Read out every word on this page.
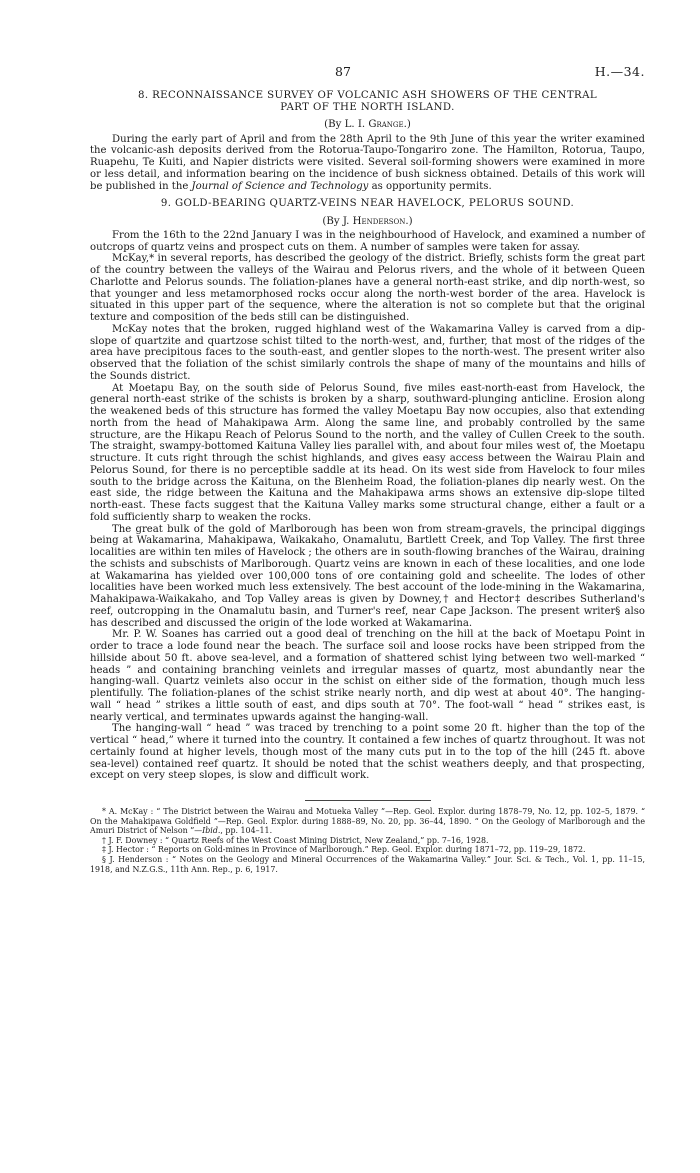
87	H.—34.
8. RECONNAISSANCE SURVEY OF VOLCANIC ASH SHOWERS OF THE CENTRAL
PART OF THE NORTH ISLAND.
(By L. I. Grange.)

During the early part of April and from the 28th April to the 9th June of this year the writer examined the volcanic-ash deposits derived from the Rotorua-Taupo-Tongariro zone. The Hamilton, Rotorua, Taupo, Ruapehu, Te Kuiti, and Napier districts were visited. Several soil-forming showers were examined in more or less detail, and information bearing on the incidence of bush sickness obtained. Details of this work will be published in the Journal of Science and Technology as opportunity permits.

9. GOLD-BEARING QUARTZ-VEINS NEAR HAVELOCK, PELORUS SOUND.
(By J. Henderson.)

From the 16th to the 22nd January I was in the neighbourhood of Havelock, and examined a number of outcrops of quartz veins and prospect cuts on them. A number of samples were taken for assay.

McKay,* in several reports, has described the geology of the district. Briefly, schists form the great part of the country between the valleys of the Wairau and Pelorus rivers, and the whole of it between Queen Charlotte and Pelorus sounds. The foliation-planes have a general north-east strike, and dip north-west, so that younger and less metamorphosed rocks occur along the north-west border of the area. Havelock is situated in this upper part of the sequence, where the alteration is not so complete but that the original texture and composition of the beds still can be distinguished.

McKay notes that the broken, rugged highland west of the Wakamarina Valley is carved from a dip-slope of quartzite and quartzose schist tilted to the north-west, and, further, that most of the ridges of the area have precipitous faces to the south-east, and gentler slopes to the north-west. The present writer also observed that the foliation of the schist similarly controls the shape of many of the mountains and hills of the Sounds district.

At Moetapu Bay, on the south side of Pelorus Sound, five miles east-north-east from Havelock, the general north-east strike of the schists is broken by a sharp, southward-plunging anticline. Erosion along the weakened beds of this structure has formed the valley Moetapu Bay now occupies, also that extending north from the head of Mahakipawa Arm. Along the same line, and probably controlled by the same structure, are the Hikapu Reach of Pelorus Sound to the north, and the valley of Cullen Creek to the south. The straight, swampy-bottomed Kaituna Valley lies parallel with, and about four miles west of, the Moetapu structure. It cuts right through the schist highlands, and gives easy access between the Wairau Plain and Pelorus Sound, for there is no perceptible saddle at its head. On its west side from Havelock to four miles south to the bridge across the Kaituna, on the Blenheim Road, the foliation-planes dip nearly west. On the east side, the ridge between the Kaituna and the Mahakipawa arms shows an extensive dip-slope tilted north-east. These facts suggest that the Kaituna Valley marks some structural change, either a fault or a fold sufficiently sharp to weaken the rocks.

The great bulk of the gold of Marlborough has been won from stream-gravels, the principal diggings being at Wakamarina, Mahakipawa, Waikakaho, Onamalutu, Bartlett Creek, and Top Valley. The first three localities are within ten miles of Havelock ; the others are in south-flowing branches of the Wairau, draining the schists and subschists of Marlborough. Quartz veins are known in each of these localities, and one lode at Wakamarina has yielded over 100,000 tons of ore containing gold and scheelite. The lodes of other localities have been worked much less extensively. The best account of the lode-mining in the Wakamarina, Mahakipawa-Waikakaho, and Top Valley areas is given by Downey,† and Hector‡ describes Sutherland's reef, outcropping in the Onamalutu basin, and Turner's reef, near Cape Jackson. The present writer§ also has described and discussed the origin of the lode worked at Wakamarina.

Mr. P. W. Soanes has carried out a good deal of trenching on the hill at the back of Moetapu Point in order to trace a lode found near the beach. The surface soil and loose rocks have been stripped from the hillside about 50 ft. above sea-level, and a formation of shattered schist lying between two well-marked “ heads ” and containing branching veinlets and irregular masses of quartz, most abundantly near the hanging-wall. Quartz veinlets also occur in the schist on either side of the formation, though much less plentifully. The foliation-planes of the schist strike nearly north, and dip west at about 40°. The hanging-wall “ head ” strikes a little south of east, and dips south at 70°. The foot-wall “ head ” strikes east, is nearly vertical, and terminates upwards against the hanging-wall.

The hanging-wall “ head ” was traced by trenching to a point some 20 ft. higher than the top of the vertical “ head,” where it turned into the country. It contained a few inches of quartz throughout. It was not certainly found at higher levels, though most of the many cuts put in to the top of the hill (245 ft. above sea-level) contained reef quartz. It should be noted that the schist weathers deeply, and that prospecting, except on very steep slopes, is slow and difficult work.

* A. McKay : “ The District between the Wairau and Motueka Valley ”—Rep. Geol. Explor. during 1878–79, No. 12, pp. 102–5, 1879. “ On the Mahakipawa Goldfield ”—Rep. Geol. Explor. during 1888–89, No. 20, pp. 36–44, 1890. “ On the Geology of Marlborough and the Amuri District of Nelson ”—Ibid., pp. 104–11.

† J. F. Downey : “ Quartz Reefs of the West Coast Mining District, New Zealand,” pp. 7–16, 1928.

‡ J. Hector : “ Reports on Gold-mines in Province of Marlborough.” Rep. Geol. Explor. during 1871–72, pp. 119–29, 1872.

§ J. Henderson : “ Notes on the Geology and Mineral Occurrences of the Wakamarina Valley.” Jour. Sci. & Tech., Vol. 1, pp. 11–15, 1918, and N.Z.G.S., 11th Ann. Rep., p. 6, 1917.
